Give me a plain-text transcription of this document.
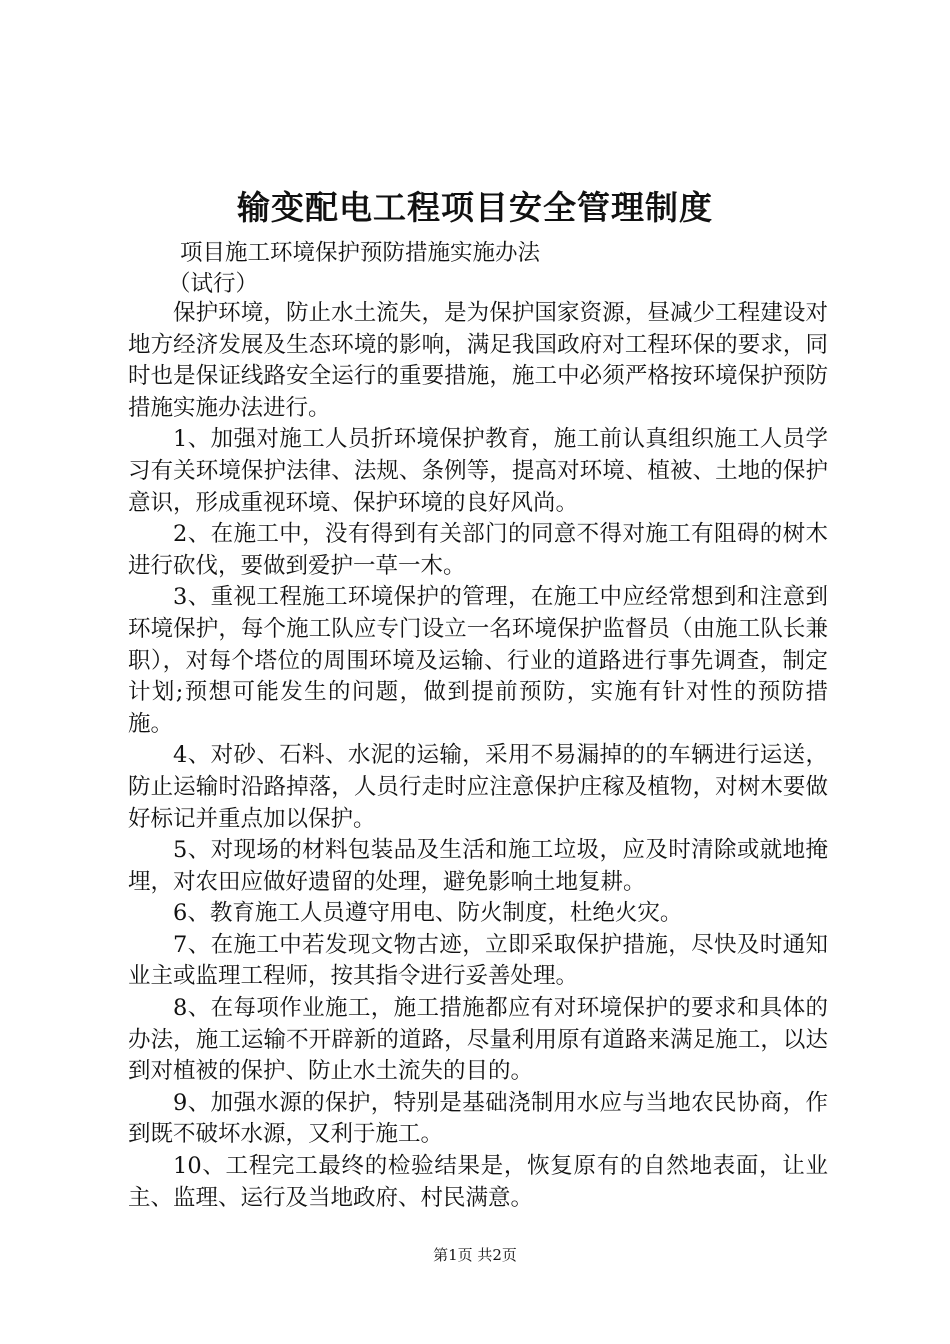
输变配电工程项目安全管理制度

项目施工环境保护预防措施实施办法

（试行）

保护环境，防止水土流失，是为保护国家资源，昼减少工程建设对地方经济发展及生态环境的影响，满足我国政府对工程环保的要求，同时也是保证线路安全运行的重要措施，施工中必须严格按环境保护预防措施实施办法进行。

1、加强对施工人员折环境保护教育，施工前认真组织施工人员学习有关环境保护法律、法规、条例等，提高对环境、植被、土地的保护意识，形成重视环境、保护环境的良好风尚。

2、在施工中，没有得到有关部门的同意不得对施工有阻碍的树木进行砍伐，要做到爱护一草一木。

3、重视工程施工环境保护的管理，在施工中应经常想到和注意到环境保护，每个施工队应专门设立一名环境保护监督员（由施工队长兼职），对每个塔位的周围环境及运输、行业的道路进行事先调查，制定计划;预想可能发生的问题，做到提前预防，实施有针对性的预防措施。

4、对砂、石料、水泥的运输，采用不易漏掉的的车辆进行运送，防止运输时沿路掉落，人员行走时应注意保护庄稼及植物，对树木要做好标记并重点加以保护。

5、对现场的材料包装品及生活和施工垃圾，应及时清除或就地掩埋，对农田应做好遗留的处理，避免影响土地复耕。

6、教育施工人员遵守用电、防火制度，杜绝火灾。

7、在施工中若发现文物古迹，立即采取保护措施，尽快及时通知业主或监理工程师，按其指令进行妥善处理。

8、在每项作业施工，施工措施都应有对环境保护的要求和具体的办法，施工运输不开辟新的道路，尽量利用原有道路来满足施工，以达到对植被的保护、防止水土流失的目的。

9、加强水源的保护，特别是基础浇制用水应与当地农民协商，作到既不破坏水源，又利于施工。

10、工程完工最终的检验结果是，恢复原有的自然地表面，让业主、监理、运行及当地政府、村民满意。

第1页 共2页
